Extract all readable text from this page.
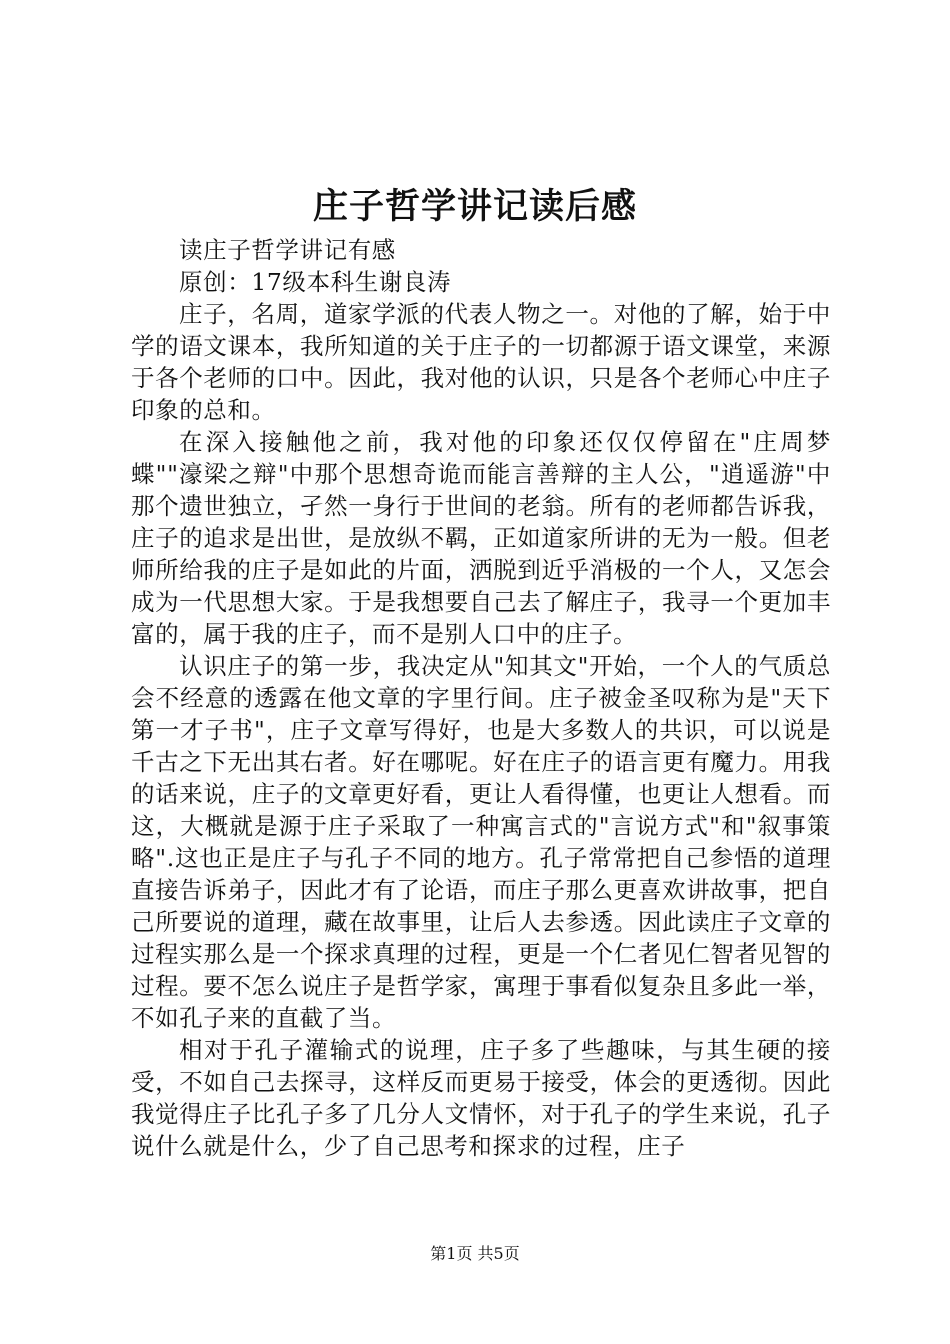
庄子哲学讲记读后感

读庄子哲学讲记有感

原创：17级本科生谢良涛

庄子，名周，道家学派的代表人物之一。对他的了解，始于中学的语文课本，我所知道的关于庄子的一切都源于语文课堂，来源于各个老师的口中。因此，我对他的认识，只是各个老师心中庄子印象的总和。

在深入接触他之前，我对他的印象还仅仅停留在"庄周梦蝶""濠梁之辩"中那个思想奇诡而能言善辩的主人公，"逍遥游"中那个遗世独立，孑然一身行于世间的老翁。所有的老师都告诉我，庄子的追求是出世，是放纵不羁，正如道家所讲的无为一般。但老师所给我的庄子是如此的片面，洒脱到近乎消极的一个人，又怎会成为一代思想大家。于是我想要自己去了解庄子，我寻一个更加丰富的，属于我的庄子，而不是别人口中的庄子。

认识庄子的第一步，我决定从"知其文"开始，一个人的气质总会不经意的透露在他文章的字里行间。庄子被金圣叹称为是"天下第一才子书"，庄子文章写得好，也是大多数人的共识，可以说是千古之下无出其右者。好在哪呢。好在庄子的语言更有魔力。用我的话来说，庄子的文章更好看，更让人看得懂，也更让人想看。而这，大概就是源于庄子采取了一种寓言式的"言说方式"和"叙事策略".这也正是庄子与孔子不同的地方。孔子常常把自己参悟的道理直接告诉弟子，因此才有了论语，而庄子那么更喜欢讲故事，把自己所要说的道理，藏在故事里，让后人去参透。因此读庄子文章的过程实那么是一个探求真理的过程，更是一个仁者见仁智者见智的过程。要不怎么说庄子是哲学家，寓理于事看似复杂且多此一举，不如孔子来的直截了当。

相对于孔子灌输式的说理，庄子多了些趣味，与其生硬的接受，不如自己去探寻，这样反而更易于接受，体会的更透彻。因此我觉得庄子比孔子多了几分人文情怀，对于孔子的学生来说，孔子说什么就是什么，少了自己思考和探求的过程，庄子

第1页 共5页
